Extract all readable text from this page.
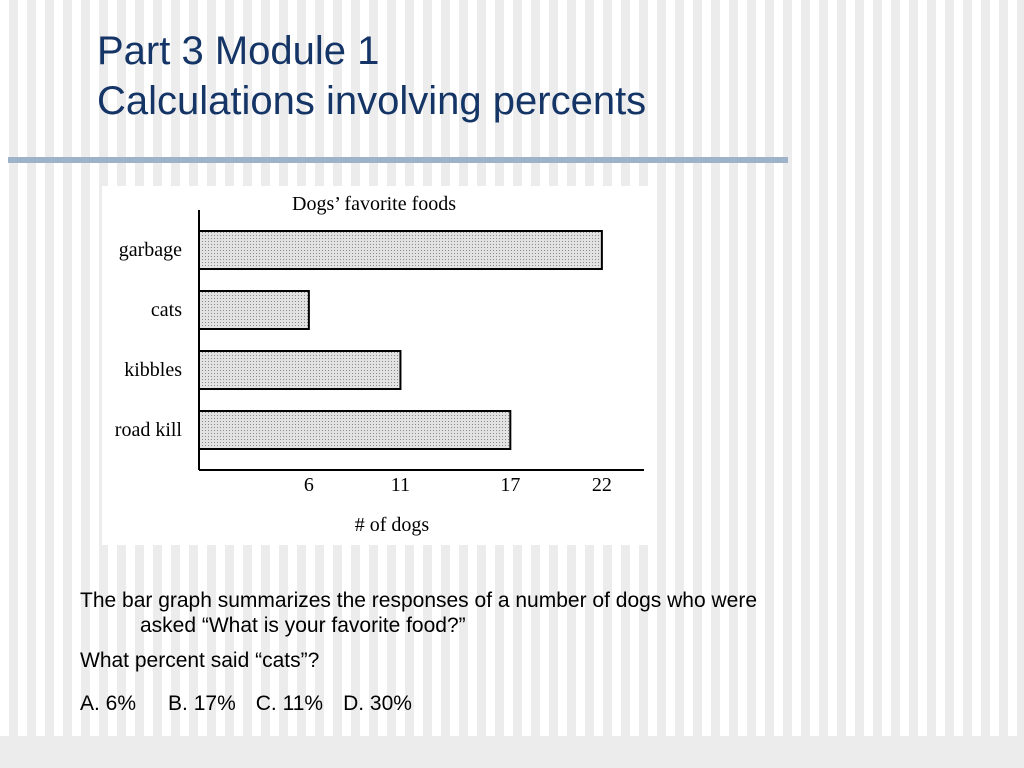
Part 3 Module 1
Calculations involving percents
Dogs’ favorite foods
garbage
cats
kibbles
road kill
6	11	17	22
# of dogs

The bar graph summarizes the responses of a number of dogs who were

asked “What is your favorite food?”

What percent said “cats”?

A. 6% B. 17% C. 11% D. 30%
